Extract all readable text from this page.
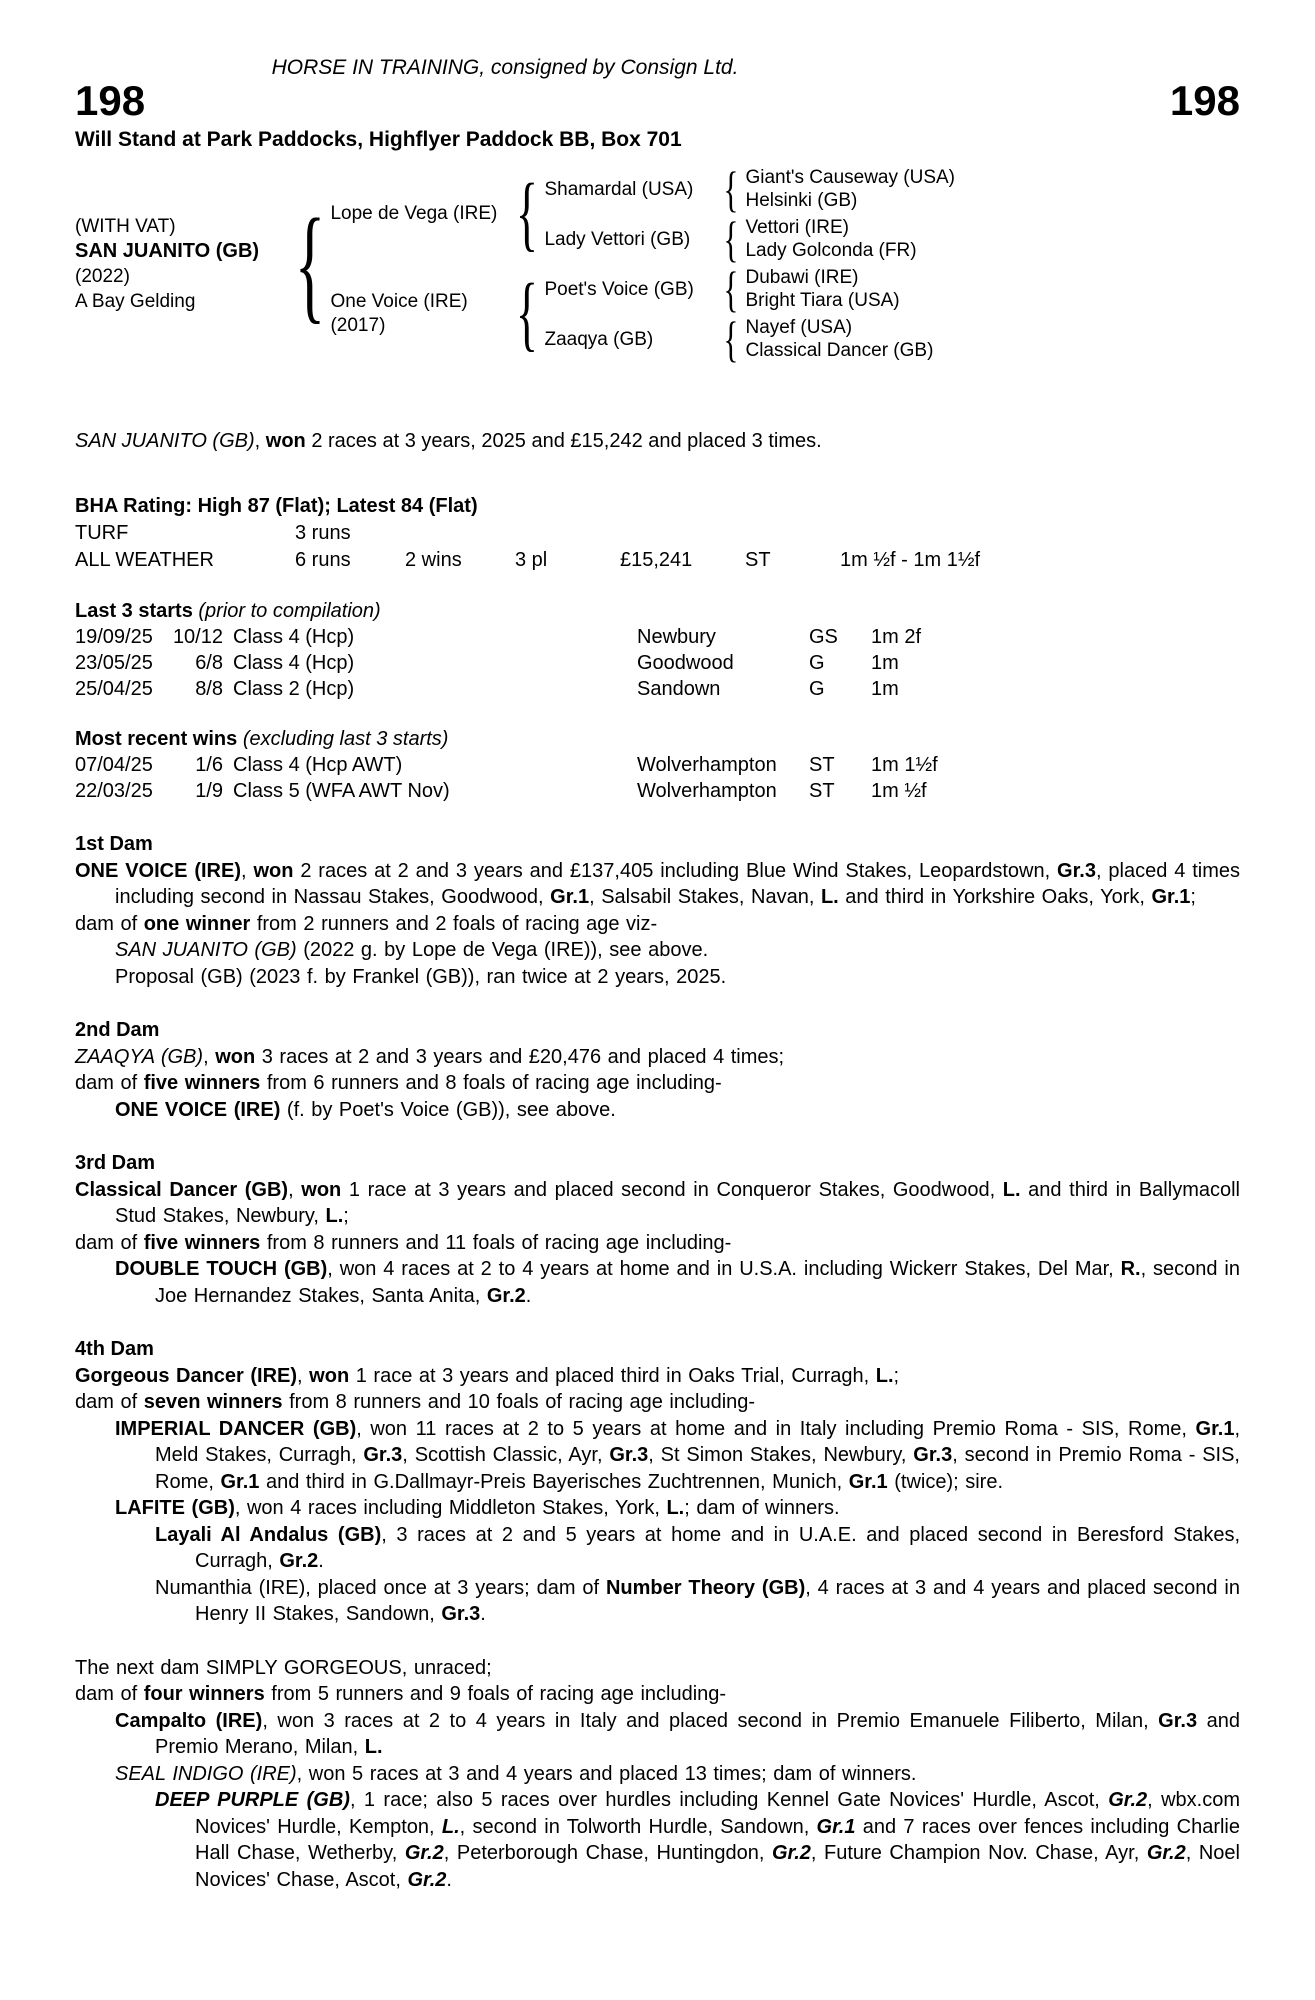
HORSE IN TRAINING, consigned by Consign Ltd.
198	198
Will Stand at Park Paddocks, Highflyer Paddock BB, Box 701
(WITH VAT)
SAN JUANITO (GB)
(2022)
A Bay Gelding { Lope de Vega (IRE) { Shamardal (USA) { Giant's Causeway (USA)
Helsinki (GB)
Lady Vettori (GB) { Vettori (IRE)
Lady Golconda (FR)
One Voice (IRE)
(2017)	{ Poet's Voice (GB) { Dubawi (IRE)
Bright Tiara (USA)
Zaaqya (GB)	{ Nayef (USA)
Classical Dancer (GB)
SAN JUANITO (GB), won 2 races at 3 years, 2025 and £15,242 and placed 3 times.
BHA Rating: High 87 (Flat); Latest 84 (Flat)
TURF	3 runs
ALL WEATHER	6 runs	2 wins	3 pl	£15,241	ST	1m ½f - 1m 1½f
Last 3 starts (prior to compilation)
19/09/25	10/12 Class 4 (Hcp)	Newbury	GS	1m 2f
23/05/25	6/8 Class 4 (Hcp)	Goodwood	G	1m
25/04/25	8/8 Class 2 (Hcp)	Sandown	G	1m
Most recent wins (excluding last 3 starts)
07/04/25	1/6 Class 4 (Hcp AWT)	Wolverhampton	ST	1m 1½f
22/03/25	1/9 Class 5 (WFA AWT Nov)	Wolverhampton	ST	1m ½f
1st Dam
ONE VOICE (IRE), won 2 races at 2 and 3 years and £137,405 including Blue Wind Stakes, Leopardstown, Gr.3, placed 4 times including second in Nassau Stakes, Goodwood, Gr.1, Salsabil Stakes, Navan, L. and third in Yorkshire Oaks, York, Gr.1;
dam of one winner from 2 runners and 2 foals of racing age viz-
SAN JUANITO (GB) (2022 g. by Lope de Vega (IRE)), see above.
Proposal (GB) (2023 f. by Frankel (GB)), ran twice at 2 years, 2025.
2nd Dam
ZAAQYA (GB), won 3 races at 2 and 3 years and £20,476 and placed 4 times;
dam of five winners from 6 runners and 8 foals of racing age including-
ONE VOICE (IRE) (f. by Poet's Voice (GB)), see above.
3rd Dam
Classical Dancer (GB), won 1 race at 3 years and placed second in Conqueror Stakes, Goodwood, L. and third in Ballymacoll Stud Stakes, Newbury, L.;
dam of five winners from 8 runners and 11 foals of racing age including-
DOUBLE TOUCH (GB), won 4 races at 2 to 4 years at home and in U.S.A. including Wickerr Stakes, Del Mar, R., second in Joe Hernandez Stakes, Santa Anita, Gr.2.
4th Dam
Gorgeous Dancer (IRE), won 1 race at 3 years and placed third in Oaks Trial, Curragh, L.;
dam of seven winners from 8 runners and 10 foals of racing age including-
IMPERIAL DANCER (GB), won 11 races at 2 to 5 years at home and in Italy including Premio Roma - SIS, Rome, Gr.1, Meld Stakes, Curragh, Gr.3, Scottish Classic, Ayr, Gr.3, St Simon Stakes, Newbury, Gr.3, second in Premio Roma - SIS, Rome, Gr.1 and third in G.Dallmayr-Preis Bayerisches Zuchtrennen, Munich, Gr.1 (twice); sire.
LAFITE (GB), won 4 races including Middleton Stakes, York, L.; dam of winners.
Layali Al Andalus (GB), 3 races at 2 and 5 years at home and in U.A.E. and placed second in Beresford Stakes, Curragh, Gr.2.
Numanthia (IRE), placed once at 3 years; dam of Number Theory (GB), 4 races at 3 and 4 years and placed second in Henry II Stakes, Sandown, Gr.3.
The next dam SIMPLY GORGEOUS, unraced;
dam of four winners from 5 runners and 9 foals of racing age including-
Campalto (IRE), won 3 races at 2 to 4 years in Italy and placed second in Premio Emanuele Filiberto, Milan, Gr.3 and Premio Merano, Milan, L.
SEAL INDIGO (IRE), won 5 races at 3 and 4 years and placed 13 times; dam of winners.
DEEP PURPLE (GB), 1 race; also 5 races over hurdles including Kennel Gate Novices' Hurdle, Ascot, Gr.2, wbx.com Novices' Hurdle, Kempton, L., second in Tolworth Hurdle, Sandown, Gr.1 and 7 races over fences including Charlie Hall Chase, Wetherby, Gr.2, Peterborough Chase, Huntingdon, Gr.2, Future Champion Nov. Chase, Ayr, Gr.2, Noel Novices' Chase, Ascot, Gr.2.
